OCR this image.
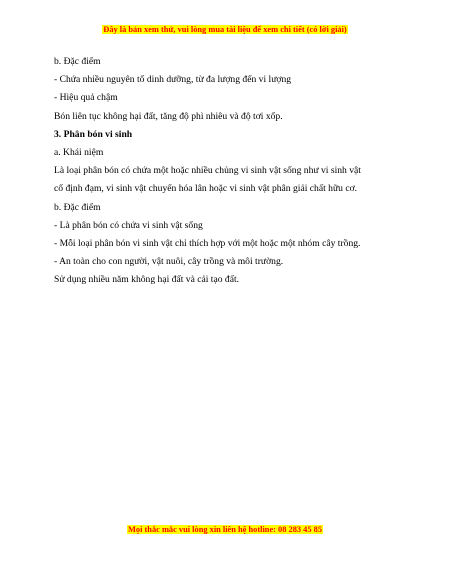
Đây là bản xem thử, vui lòng mua tài liệu để xem chi tiết (có lời giải)
b. Đặc điểm
- Chứa nhiều nguyên tố dinh dưỡng, từ đa lượng đến vi lượng
- Hiệu quả chậm
Bón liên tục không hại đất, tăng độ phì nhiêu và độ tơi xốp.
3. Phân bón vi sinh
a. Khái niệm
Là loại phân bón có chứa một hoặc nhiều chủng vi sinh vật sống như vi sinh vật
cố định đạm, vi sinh vật chuyển hóa lân hoặc vi sinh vật phân giải chất hữu cơ.
b. Đặc điểm
- Là phân bón có chứa vi sinh vật sống
- Mỗi loại phân bón vi sinh vật chỉ thích hợp với một hoặc một nhóm cây trồng.
- An toàn cho con người, vật nuôi, cây trồng và môi trường.
Sử dụng nhiều năm không hại đất và cải tạo đất.
Mọi thắc mắc vui lòng xin liên hệ hotline: 08 283 45 85
